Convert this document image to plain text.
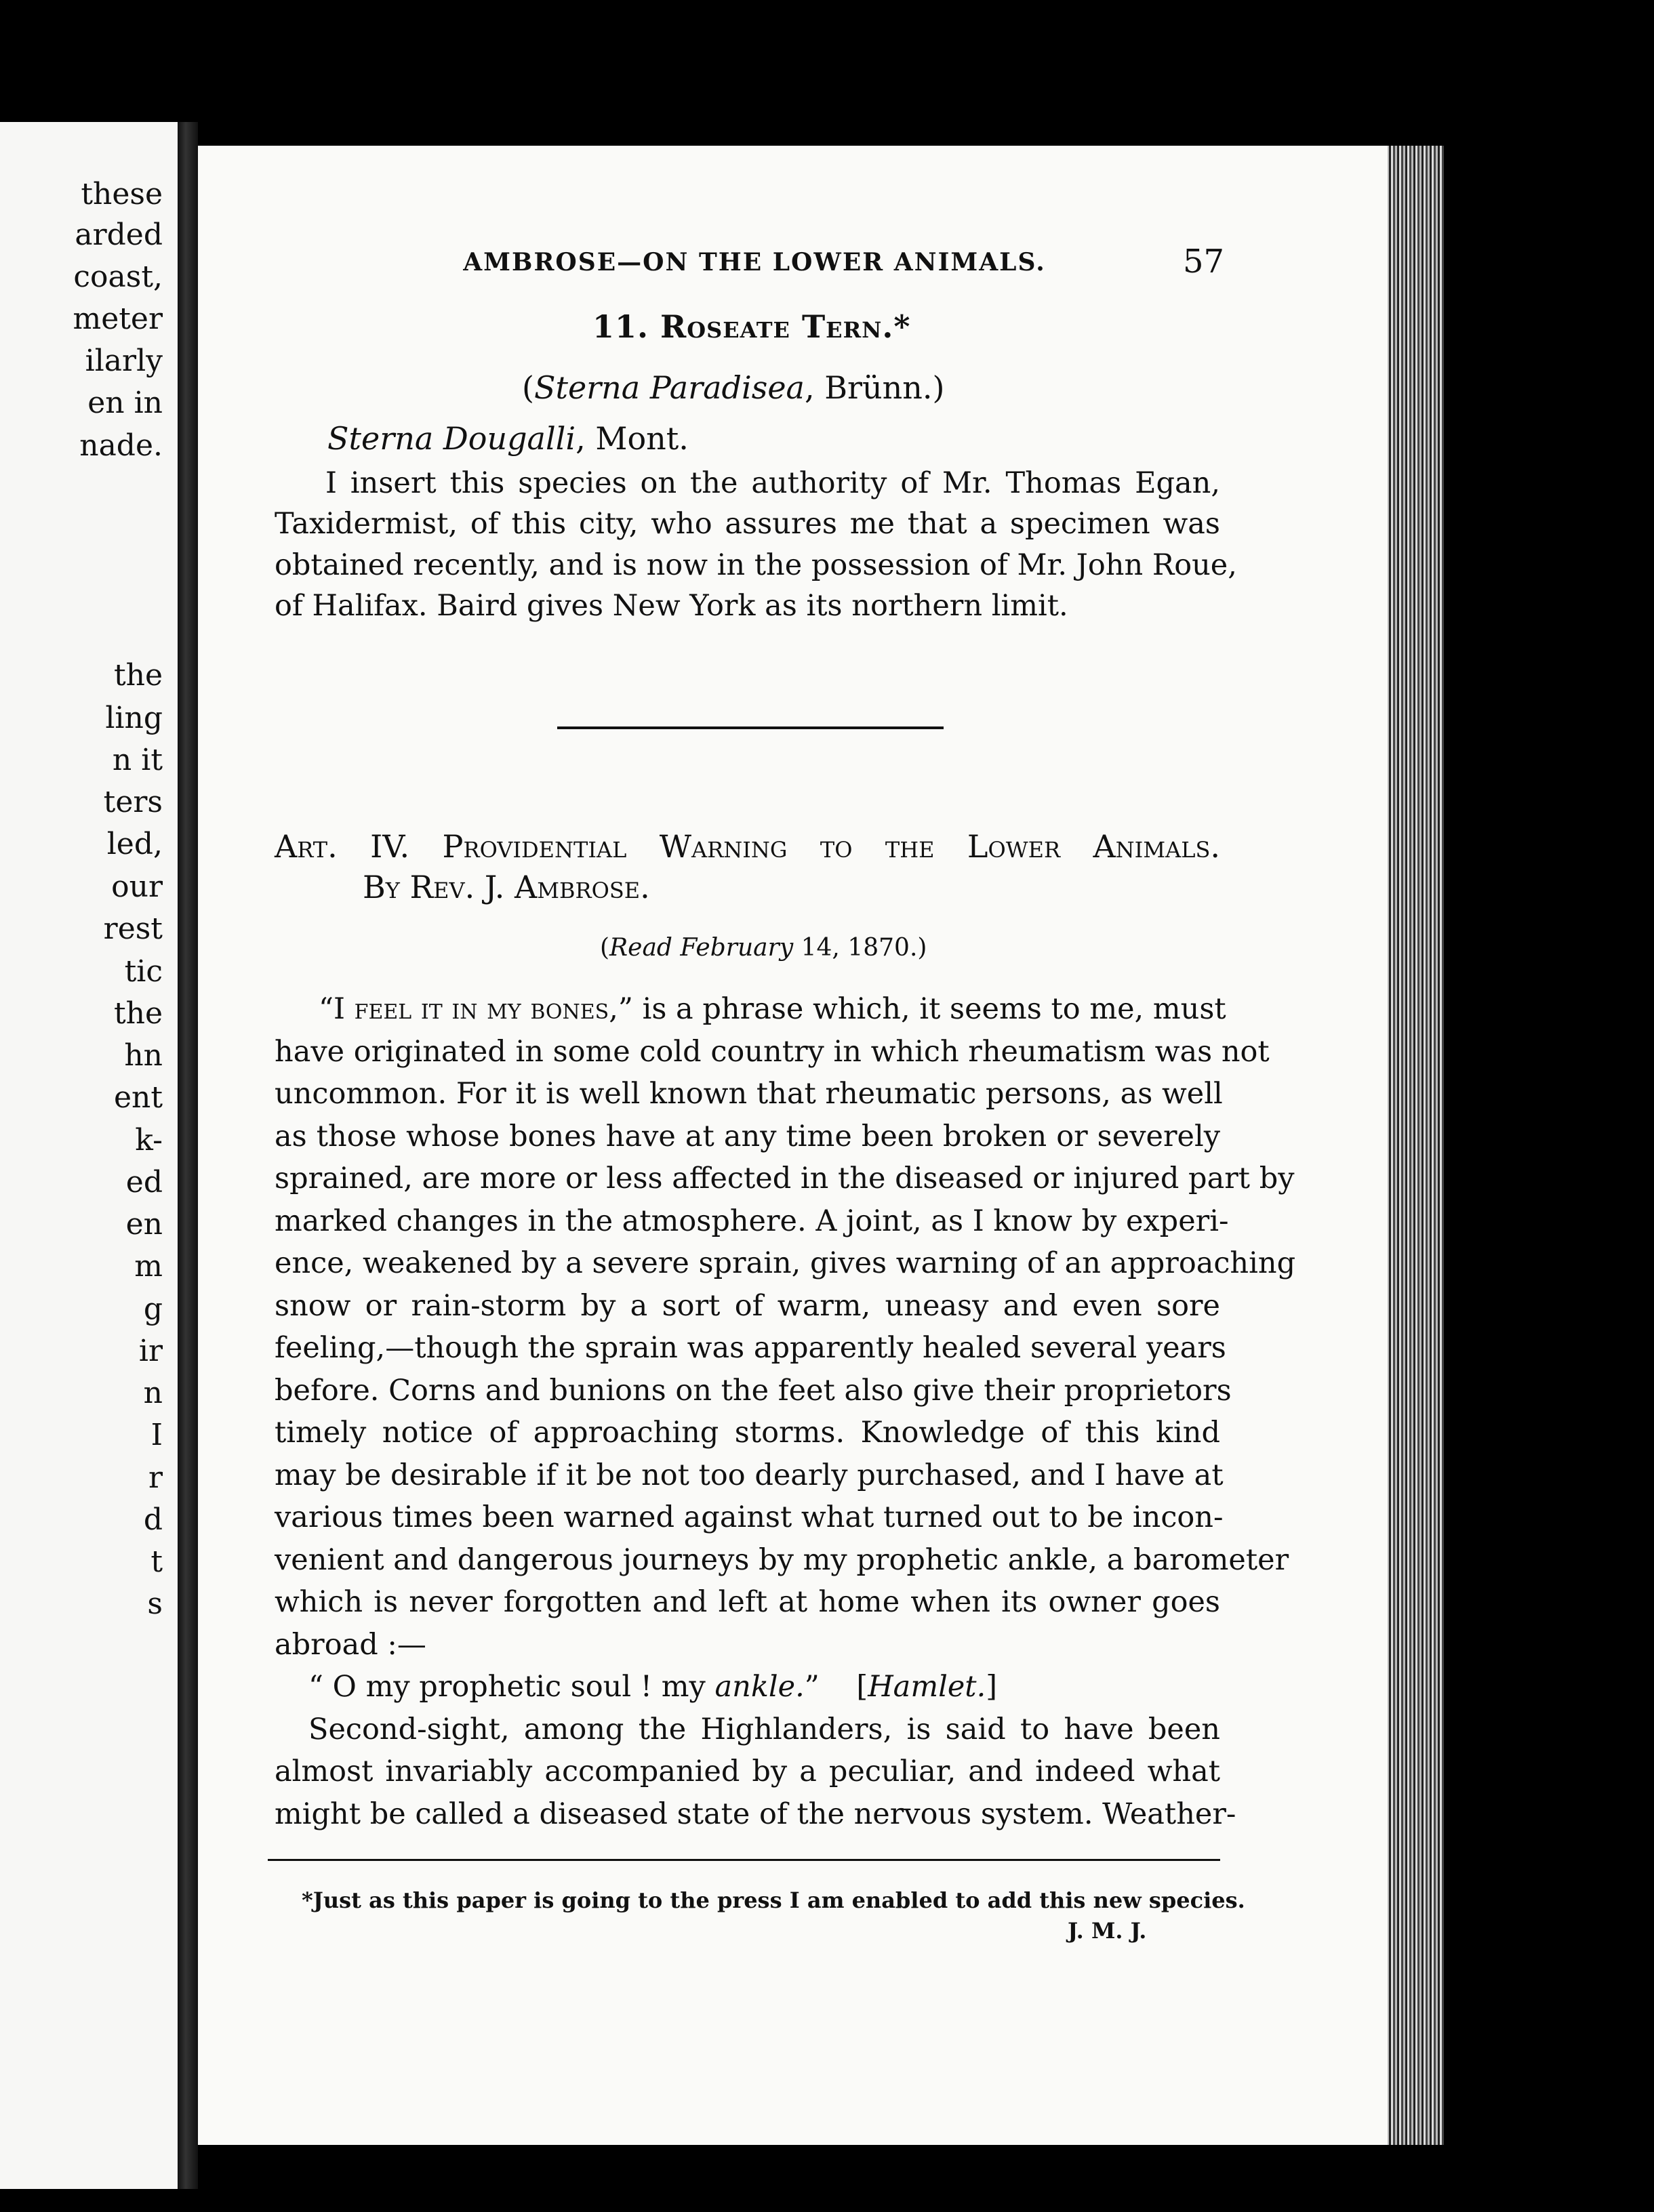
these
arded
coast,
meter
ilarly
en in
nade.
the
ling
n it
ters
led,
our
rest
tic
the
hn
ent
k-
ed
en
m
g
ir
n
I
r
d
t
s
AMBROSE—ON THE LOWER ANIMALS.	57
11. Roseate Tern.*
(Sterna Paradisea, Brünn.)
Sterna Dougalli, Mont.
I insert this species on the authority of Mr. Thomas Egan,
Taxidermist, of this city, who assures me that a specimen was
obtained recently, and is now in the possession of Mr. John Roue,
of Halifax. Baird gives New York as its northern limit.
Art. IV. Providential Warning to the Lower Animals.
By Rev. J. Ambrose.
(Read February 14, 1870.)
“I feel it in my bones,” is a phrase which, it seems to me, must
have originated in some cold country in which rheumatism was not
uncommon. For it is well known that rheumatic persons, as well
as those whose bones have at any time been broken or severely
sprained, are more or less affected in the diseased or injured part by
marked changes in the atmosphere. A joint, as I know by experi-
ence, weakened by a severe sprain, gives warning of an approaching
snow or rain-storm by a sort of warm, uneasy and even sore
feeling,—though the sprain was apparently healed several years
before. Corns and bunions on the feet also give their proprietors
timely notice of approaching storms. Knowledge of this kind
may be desirable if it be not too dearly purchased, and I have at
various times been warned against what turned out to be incon-
venient and dangerous journeys by my prophetic ankle, a barometer
which is never forgotten and left at home when its owner goes
abroad :—
“ O my prophetic soul ! my ankle.”    [Hamlet.]
Second-sight, among the Highlanders, is said to have been
almost invariably accompanied by a peculiar, and indeed what
might be called a diseased state of the nervous system. Weather-
*Just as this paper is going to the press I am enabled to add this new species.
J. M. J.
